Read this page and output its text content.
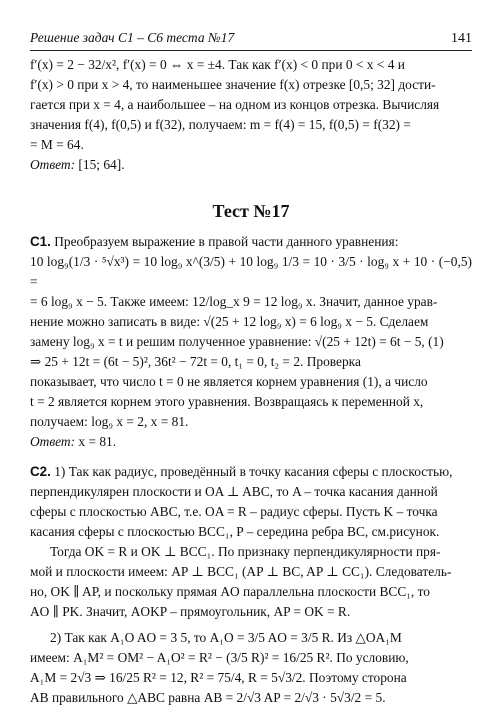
Решение задач C1 – C6 теста №17	141

f′(x) = 2 − 32/x², f′(x) = 0 ⇔ x = ±4. Так как f′(x) < 0 при 0 < x < 4 и

f′(x) > 0 при x > 4, то наименьшее значение f(x) отрезке [0,5; 32] дости-

гается при x = 4, а наибольшее – на одном из концов отрезка. Вычисляя

значения f(4), f(0,5) и f(32), получаем: m = f(4) = 15, f(0,5) = f(32) =

= M = 64.

Ответ: [15; 64].

Тест №17

C1. Преобразуем выражение в правой части данного уравнения:

10 log₉(1/3 · ⁵√x³) = 10 log₉ x^(3/5) + 10 log₉ 1/3 = 10 · 3/5 · log₉ x + 10 · (−0,5) =

= 6 log₉ x − 5. Также имеем: 12/log_x 9 = 12 log₉ x. Значит, данное урав-

нение можно записать в виде: √(25 + 12 log₉ x) = 6 log₉ x − 5. Сделаем

замену log₉ x = t и решим полученное уравнение: √(25 + 12t) = 6t − 5, (1)

⇒ 25 + 12t = (6t − 5)², 36t² − 72t = 0, t₁ = 0, t₂ = 2. Проверка

показывает, что число t = 0 не является корнем уравнения (1), а число

t = 2 является корнем этого уравнения. Возвращаясь к переменной x,

получаем: log₉ x = 2, x = 81.

Ответ: x = 81.

C2. 1) Так как радиус, проведённый в точку касания сферы с плоскостью,

перпендикулярен плоскости и OA ⊥ ABC, то A – точка касания данной

сферы с плоскостью ABC, т.е. OA = R – радиус сферы. Пусть K – точка

касания сферы с плоскостью BCC₁, P – середина ребра BC, см.рисунок.

Тогда OK = R и OK ⊥ BCC₁. По признаку перпендикулярности пря-

мой и плоскости имеем: AP ⊥ BCC₁ (AP ⊥ BC, AP ⊥ CC₁). Следователь-

но, OK ∥ AP, и поскольку прямая AO параллельна плоскости BCC₁, то

AO ∥ PK. Значит, AOKP – прямоугольник, AP = OK = R.

2) Так как A₁O AO = 3 5, то A₁O = 3/5 AO = 3/5 R. Из △OA₁M

имеем: A₁M² = OM² − A₁O² = R² − (3/5 R)² = 16/25 R². По условию,

A₁M = 2√3 ⇒ 16/25 R² = 12, R² = 75/4, R = 5√3/2. Поэтому сторона

AB правильного △ABC равна AB = 2/√3 AP = 2/√3 · 5√3/2 = 5.
